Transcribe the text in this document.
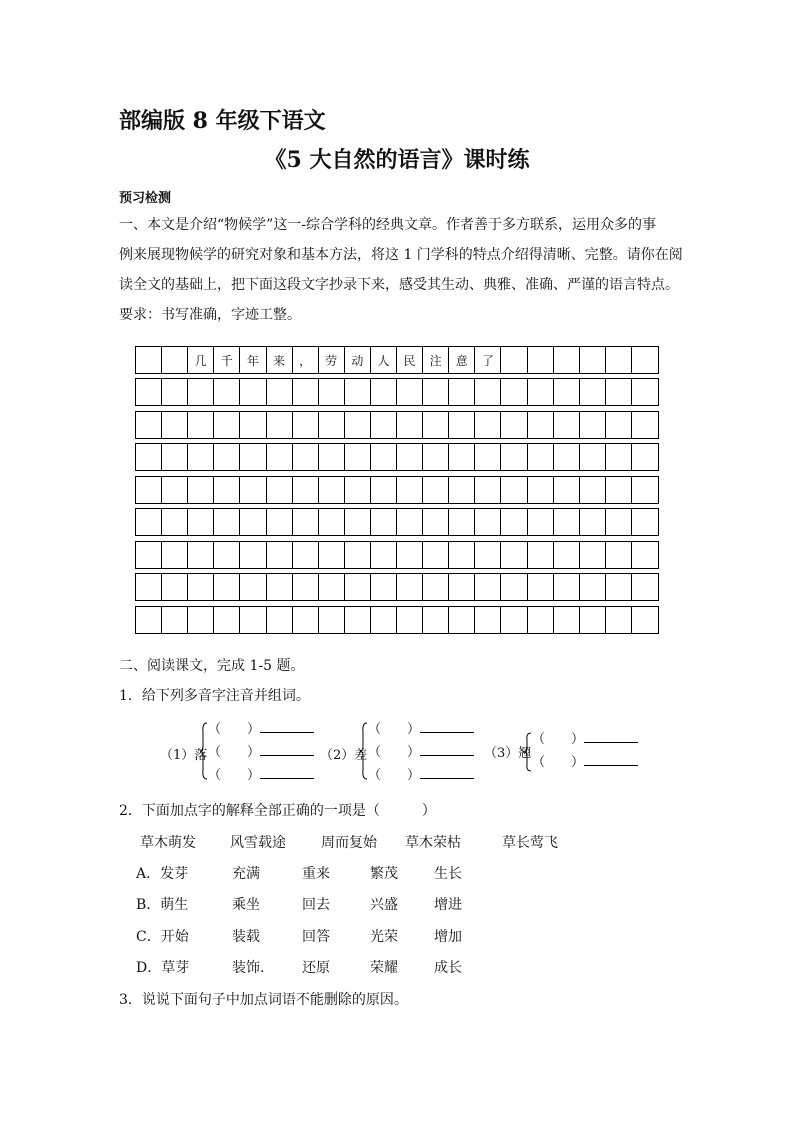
部编版 8 年级下语文
《5 大自然的语言》课时练
预习检测
一、本文是介绍“物候学”这一-综合学科的经典文章。作者善于多方联系，运用众多的事
例来展现物候学的研究对象和基本方法，将这 1 门学科的特点介绍得清晰、完整。请你在阅
读全文的基础上，把下面这段文字抄录下来，感受其生动、典雅、准确、严谨的语言特点。
要求：书写准确，字迹工整。
几	千	年	来	，	劳	动	人	民	注	意	了
二、阅读课文，完成 1-5 题。
1．给下列多音字注音并组词。
（1）落
（　　）
（　　）
（　　）
（2）差
（　　）
（　　）
（　　）
（3）翘
（　　）
（　　）
2．下面加点字的解释全部正确的一项是（　　　）
草木萌发 风雪载途	周而复始 草木荣枯	草长莺飞
A．发芽	充满	重来	繁茂	生长
B．萌生	乘坐	回去	兴盛	增进
C．开始	装载	回答	光荣	增加
D．草芽	装饰.	还原	荣耀	成长
3．说说下面句子中加点词语不能删除的原因。
